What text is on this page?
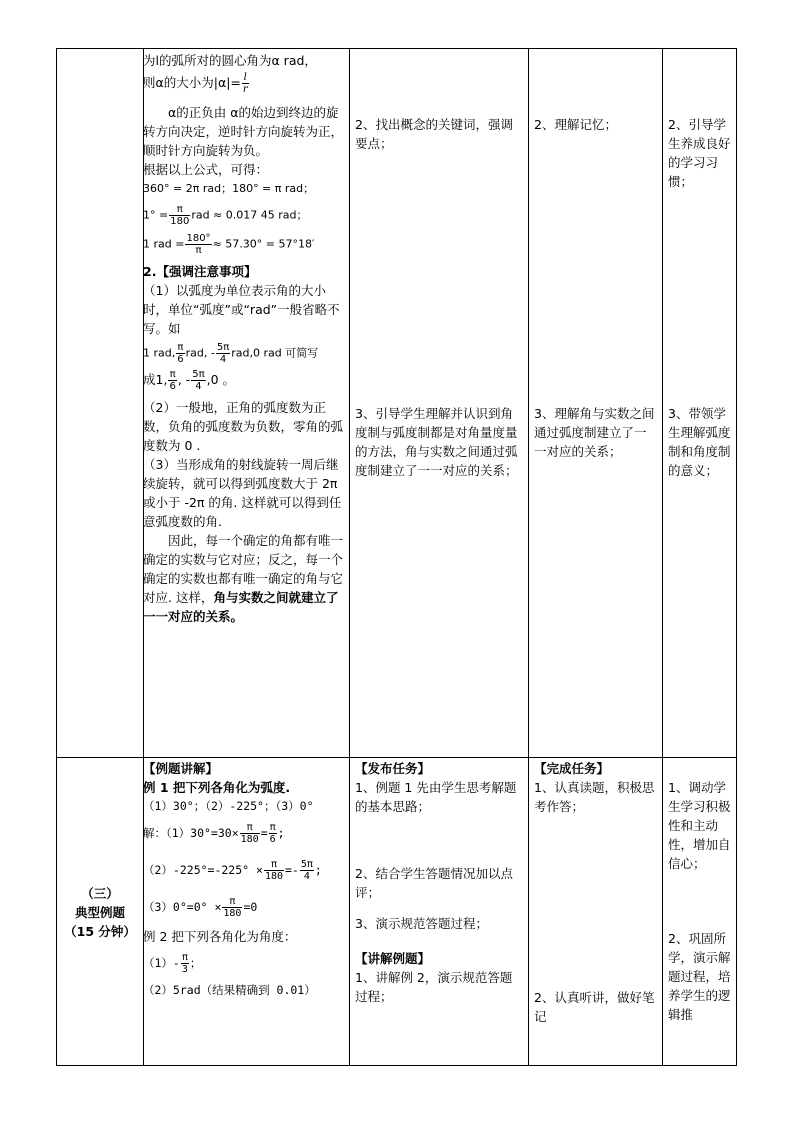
为l的弧所对的圆心角为α rad，

则α的大小为$|\alpha|= \frac{l}{r}$

α的正负由 α的始边到终边的旋转方向决定，逆时针方向旋转为正，顺时针方向旋转为负。

根据以上公式，可得：

360° = 2π rad；180° = π rad；

$1^\circ = \frac{\pi}{180}$ rad ≈ 0.017 45 rad；

1 rad = $\frac{180^\circ}{\pi} \approx 57.30^\circ = 57^\circ 18'$

2.【强调注意事项】

（1）以弧度为单位表示角的大小时，单位“弧度”或“rad”一般省略不写。如

1 rad, $\frac{\pi}{6}$ rad, - $\frac{5\pi}{4} rad,0$ rad 可简写

成1, $\frac{\pi}{6}$ , - $\frac{5\pi}{4} ,0$ 。

（2）一般地，正角的弧度数为正数，负角的弧度数为负数，零角的弧度数为 0 .

（3）当形成角的射线旋转一周后继续旋转，就可以得到弧度数大于 2π 或小于 -2π 的角. 这样就可以得到任意弧度数的角.

因此，每一个确定的角都有唯一确定的实数与它对应；反之，每一个确定的实数也都有唯一确定的角与它对应. 这样，角与实数之间就建立了一一对应的关系。

2、找出概念的关键词，强调要点；
3、引导学生理解并认识到角度制与弧度制都是对角量度量的方法，角与实数之间通过弧度制建立了一一对应的关系；
2、理解记忆；
3、理解角与实数之间通过弧度制建立了一一对应的关系；
2、引导学生养成良好的学习习惯；
3、带领学生理解弧度制和角度制的意义；
（三）
典型例题
（15 分钟）

【例题讲解】

例 1 把下列各角化为弧度.

（1）30°；（2）-225°；（3）0°

解：$(1)30^\circ=30\times \frac{\pi}{180} = \frac{\pi}{6}$ ;

$(2)-225^\circ=-225^\circ \times \frac{\pi}{180} =- \frac{5\pi}{4}$ ;

$(3)0^\circ=0^\circ \times \frac{\pi}{180} =0$

例 2 把下列各角化为角度：

$(1)- \frac{\pi}{3}$ ；

（2）5rad（结果精确到 0.01）

【发布任务】

1、例题 1 先由学生思考解题的基本思路；

2、结合学生答题情况加以点评；

3、演示规范答题过程；

【讲解例题】

1、讲解例 2，演示规范答题过程；

【完成任务】

1、认真读题，积极思考作答；

2、认真听讲，做好笔记

1、调动学生学习积极性和主动性，增加自信心；

2、巩固所学，演示解题过程，培养学生的逻辑推
